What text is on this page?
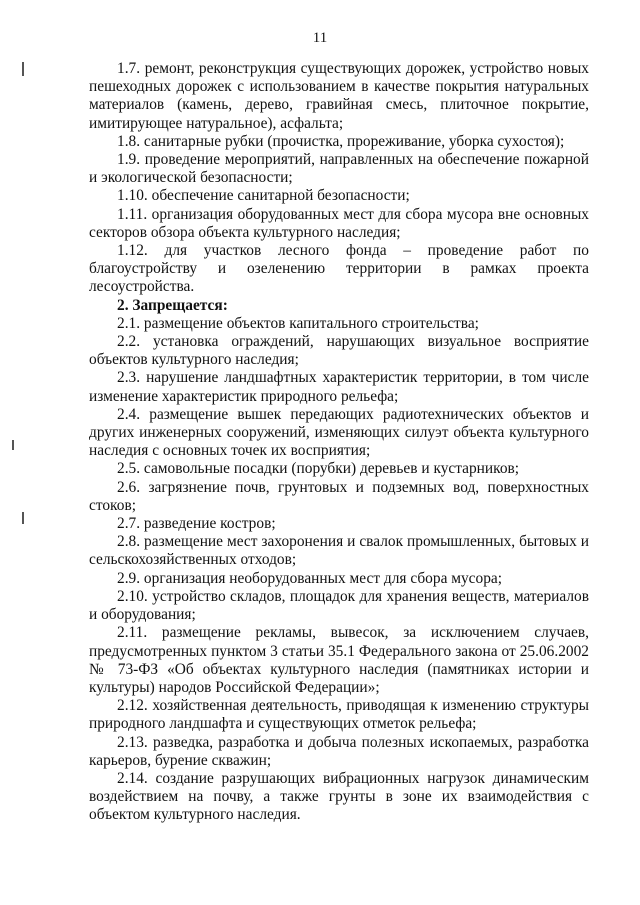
11

1.7. ремонт, реконструкция существующих дорожек, устройство новых пешеходных дорожек с использованием в качестве покрытия натуральных материалов (камень, дерево, гравийная смесь, плиточное покрытие, имитирующее натуральное), асфальта;

1.8. санитарные рубки (прочистка, прореживание, уборка сухостоя);

1.9. проведение мероприятий, направленных на обеспечение пожарной и экологической безопасности;

1.10. обеспечение санитарной безопасности;

1.11. организация оборудованных мест для сбора мусора вне основных секторов обзора объекта культурного наследия;

1.12. для участков лесного фонда – проведение работ по благоустройству и озеленению территории в рамках проекта лесоустройства.

2. Запрещается:

2.1. размещение объектов капитального строительства;

2.2. установка ограждений, нарушающих визуальное восприятие объектов культурного наследия;

2.3. нарушение ландшафтных характеристик территории, в том числе изменение характеристик природного рельефа;

2.4. размещение вышек передающих радиотехнических объектов и других инженерных сооружений, изменяющих силуэт объекта культурного наследия с основных точек их восприятия;

2.5. самовольные посадки (порубки) деревьев и кустарников;

2.6. загрязнение почв, грунтовых и подземных вод, поверхностных стоков;

2.7. разведение костров;

2.8. размещение мест захоронения и свалок промышленных, бытовых и сельскохозяйственных отходов;

2.9. организация необорудованных мест для сбора мусора;

2.10. устройство складов, площадок для хранения веществ, материалов и оборудования;

2.11. размещение рекламы, вывесок, за исключением случаев, предусмотренных пунктом 3 статьи 35.1 Федерального закона от 25.06.2002 № 73-ФЗ «Об объектах культурного наследия (памятниках истории и культуры) народов Российской Федерации»;

2.12. хозяйственная деятельность, приводящая к изменению структуры природного ландшафта и существующих отметок рельефа;

2.13. разведка, разработка и добыча полезных ископаемых, разработка карьеров, бурение скважин;

2.14. создание разрушающих вибрационных нагрузок динамическим воздействием на почву, а также грунты в зоне их взаимодействия с объектом культурного наследия.
